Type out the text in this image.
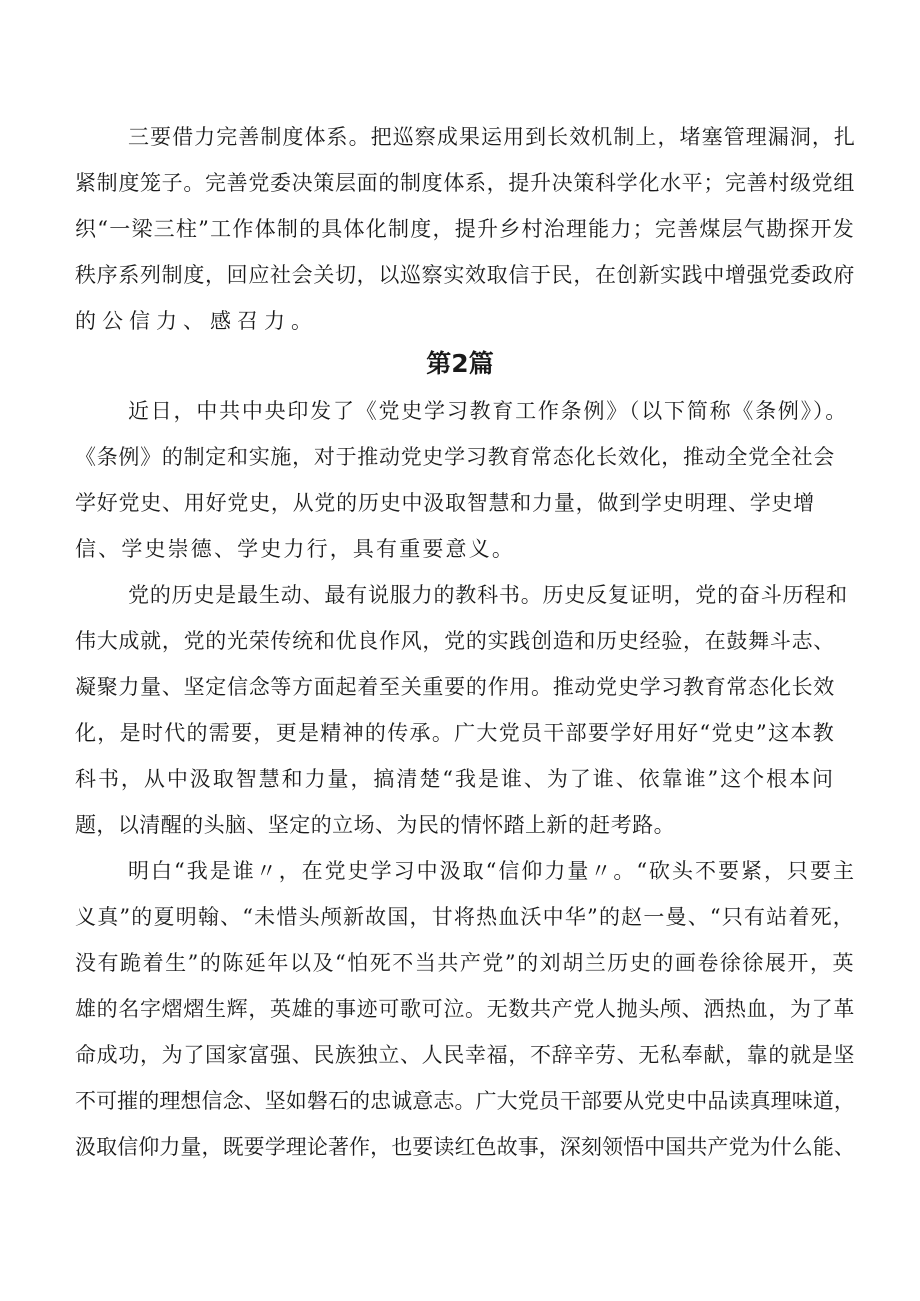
三要借力完善制度体系。把巡察成果运用到长效机制上，堵塞管理漏洞，扎
紧制度笼子。完善党委决策层面的制度体系，提升决策科学化水平；完善村级党组
织“一梁三柱”工作体制的具体化制度，提升乡村治理能力；完善煤层气勘探开发
秩序系列制度，回应社会关切，以巡察实效取信于民，在创新实践中增强党委政府
的公信力、感召力。
第2篇
近日，中共中央印发了《党史学习教育工作条例》（以下简称《条例》）。
《条例》的制定和实施，对于推动党史学习教育常态化长效化，推动全党全社会
学好党史、用好党史，从党的历史中汲取智慧和力量，做到学史明理、学史增
信、学史崇德、学史力行，具有重要意义。
党的历史是最生动、最有说服力的教科书。历史反复证明，党的奋斗历程和
伟大成就，党的光荣传统和优良作风，党的实践创造和历史经验，在鼓舞斗志、
凝聚力量、坚定信念等方面起着至关重要的作用。推动党史学习教育常态化长效
化，是时代的需要，更是精神的传承。广大党员干部要学好用好“党史”这本教
科书，从中汲取智慧和力量，搞清楚“我是谁、为了谁、依靠谁”这个根本问
题，以清醒的头脑、坚定的立场、为民的情怀踏上新的赶考路。
明白“我是谁〃，在党史学习中汲取“信仰力量〃。“砍头不要紧，只要主
义真”的夏明翰、“未惜头颅新故国，甘将热血沃中华”的赵一曼、“只有站着死，
没有跪着生”的陈延年以及“怕死不当共产党”的刘胡兰历史的画卷徐徐展开，英
雄的名字熠熠生辉，英雄的事迹可歌可泣。无数共产党人抛头颅、洒热血，为了革
命成功，为了国家富强、民族独立、人民幸福，不辞辛劳、无私奉献，靠的就是坚
不可摧的理想信念、坚如磐石的忠诚意志。广大党员干部要从党史中品读真理味道，
汲取信仰力量，既要学理论著作，也要读红色故事，深刻领悟中国共产党为什么能、
